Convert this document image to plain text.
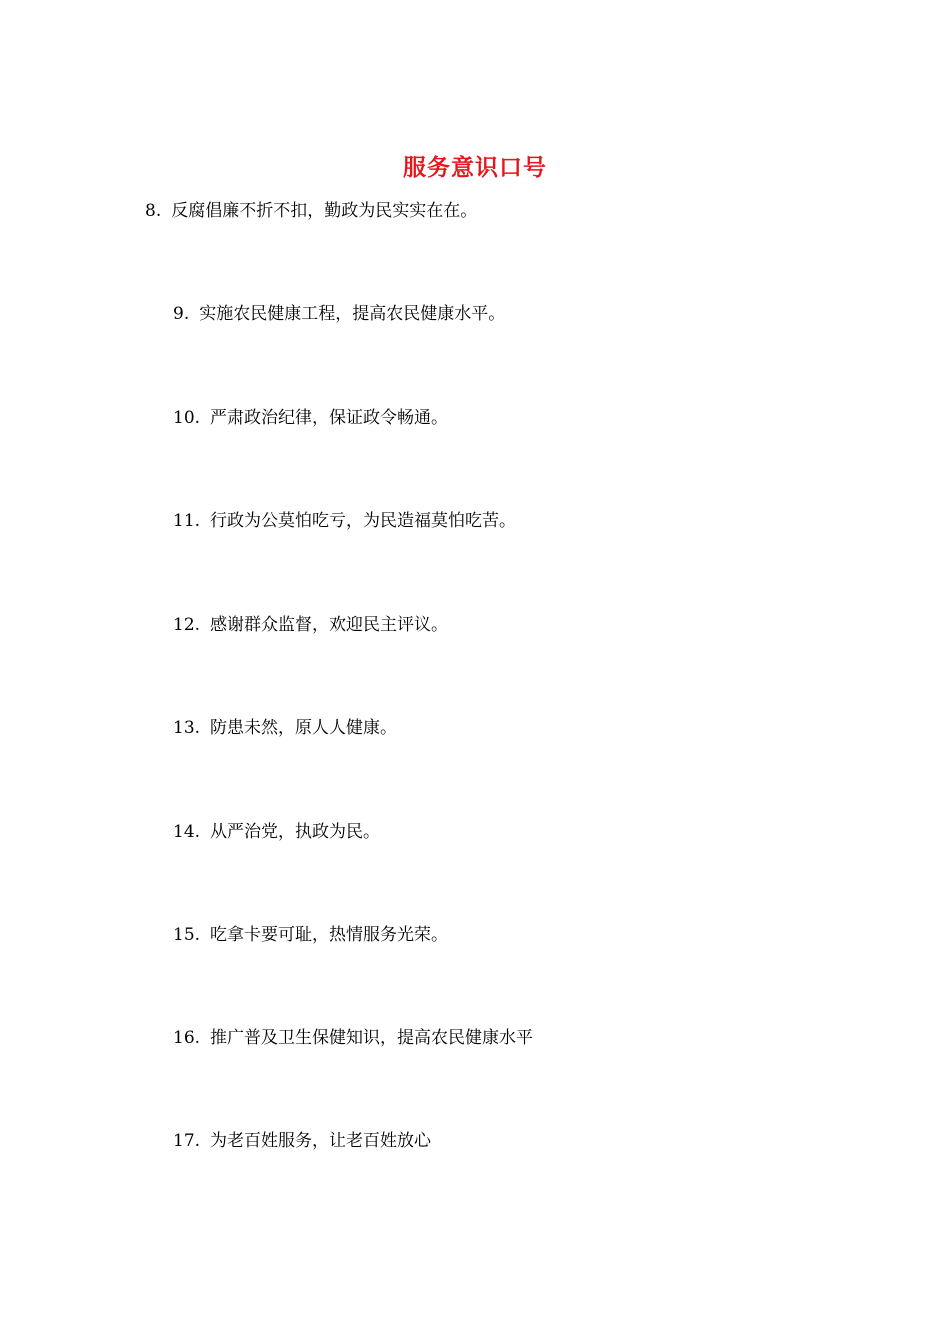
服务意识口号
8. 反腐倡廉不折不扣，勤政为民实实在在。
9. 实施农民健康工程，提高农民健康水平。
10. 严肃政治纪律，保证政令畅通。
11. 行政为公莫怕吃亏，为民造福莫怕吃苦。
12. 感谢群众监督，欢迎民主评议。
13. 防患未然，原人人健康。
14. 从严治党，执政为民。
15. 吃拿卡要可耻，热情服务光荣。
16. 推广普及卫生保健知识，提高农民健康水平
17. 为老百姓服务，让老百姓放心
